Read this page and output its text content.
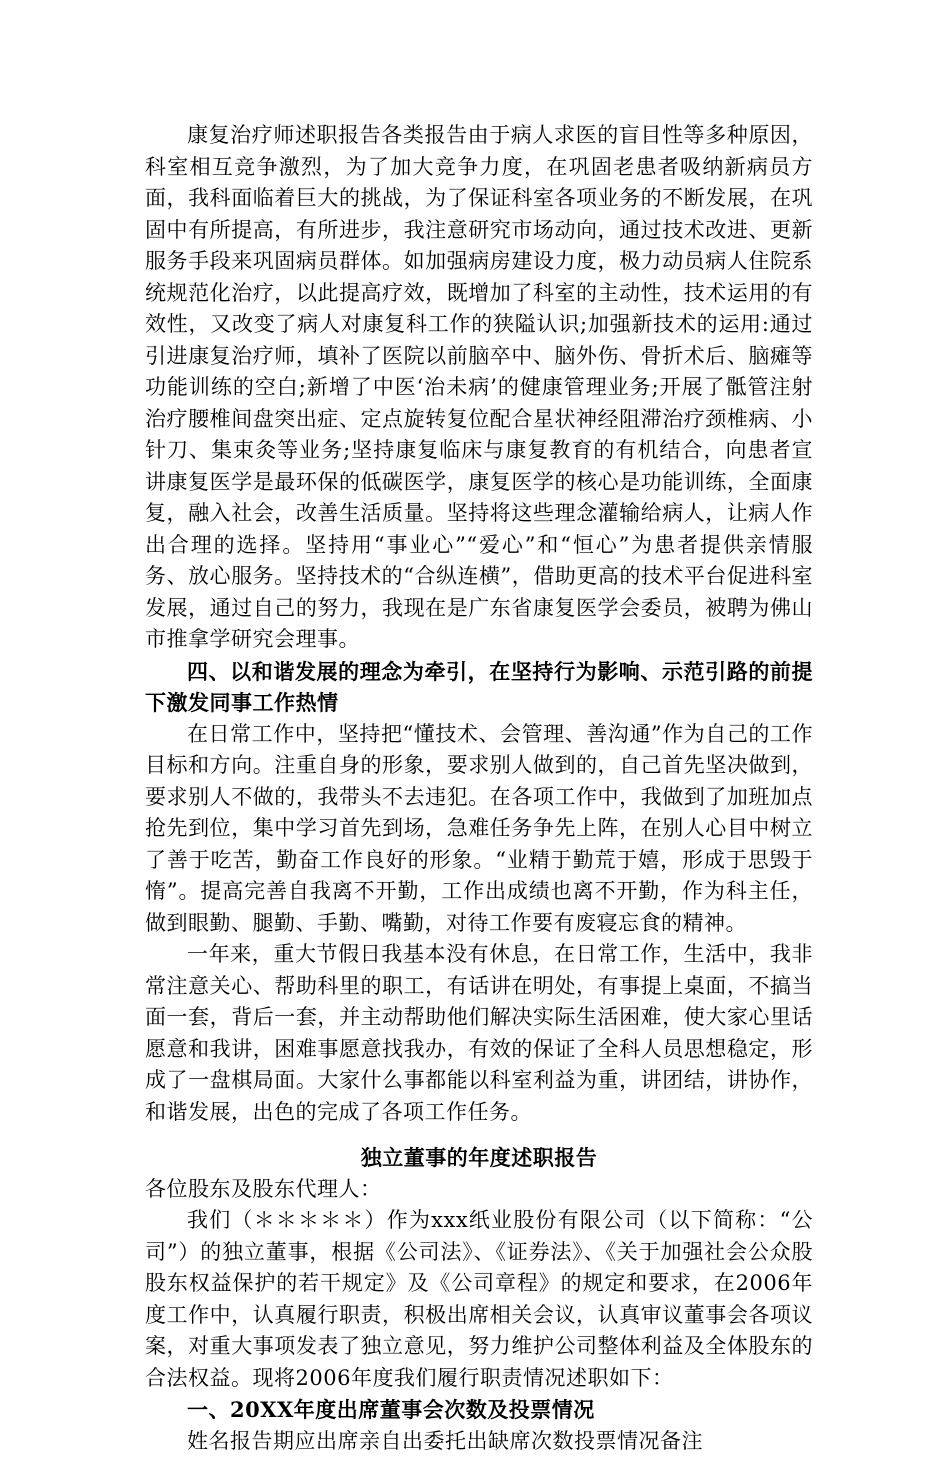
康复治疗师述职报告各类报告由于病人求医的盲目性等多种原因，科室相互竞争激烈，为了加大竞争力度，在巩固老患者吸纳新病员方面，我科面临着巨大的挑战，为了保证科室各项业务的不断发展，在巩固中有所提高，有所进步，我注意研究市场动向，通过技术改进、更新服务手段来巩固病员群体。如加强病房建设力度，极力动员病人住院系统规范化治疗，以此提高疗效，既增加了科室的主动性，技术运用的有效性，又改变了病人对康复科工作的狭隘认识;加强新技术的运用:通过引进康复治疗师，填补了医院以前脑卒中、脑外伤、骨折术后、脑瘫等功能训练的空白;新增了中医‘治未病’的健康管理业务;开展了骶管注射治疗腰椎间盘突出症、定点旋转复位配合星状神经阻滞治疗颈椎病、小针刀、集束灸等业务;坚持康复临床与康复教育的有机结合，向患者宣讲康复医学是最环保的低碳医学，康复医学的核心是功能训练，全面康复，融入社会，改善生活质量。坚持将这些理念灌输给病人，让病人作出合理的选择。坚持用“事业心”“爱心”和“恒心”为患者提供亲情服务、放心服务。坚持技术的“合纵连横”，借助更高的技术平台促进科室发展，通过自己的努力，我现在是广东省康复医学会委员，被聘为佛山市推拿学研究会理事。

四、以和谐发展的理念为牵引，在坚持行为影响、示范引路的前提下激发同事工作热情

在日常工作中，坚持把“懂技术、会管理、善沟通”作为自己的工作目标和方向。注重自身的形象，要求别人做到的，自己首先坚决做到，要求别人不做的，我带头不去违犯。在各项工作中，我做到了加班加点抢先到位，集中学习首先到场，急难任务争先上阵，在别人心目中树立了善于吃苦，勤奋工作良好的形象。“业精于勤荒于嬉，形成于思毁于惰”。提高完善自我离不开勤，工作出成绩也离不开勤，作为科主任，做到眼勤、腿勤、手勤、嘴勤，对待工作要有废寝忘食的精神。

一年来，重大节假日我基本没有休息，在日常工作，生活中，我非常注意关心、帮助科里的职工，有话讲在明处，有事提上桌面，不搞当面一套，背后一套，并主动帮助他们解决实际生活困难，使大家心里话愿意和我讲，困难事愿意找我办，有效的保证了全科人员思想稳定，形成了一盘棋局面。大家什么事都能以科室利益为重，讲团结，讲协作，和谐发展，出色的完成了各项工作任务。

独立董事的年度述职报告

各位股东及股东代理人：

我们（＊＊＊＊＊）作为xxx纸业股份有限公司（以下简称：“公司”）的独立董事，根据《公司法》、《证券法》、《关于加强社会公众股股东权益保护的若干规定》及《公司章程》的规定和要求，在2006年度工作中，认真履行职责，积极出席相关会议，认真审议董事会各项议案，对重大事项发表了独立意见，努力维护公司整体利益及全体股东的合法权益。现将2006年度我们履行职责情况述职如下：

一、20XX年度出席董事会次数及投票情况

姓名报告期应出席亲自出委托出缺席次数投票情况备注
